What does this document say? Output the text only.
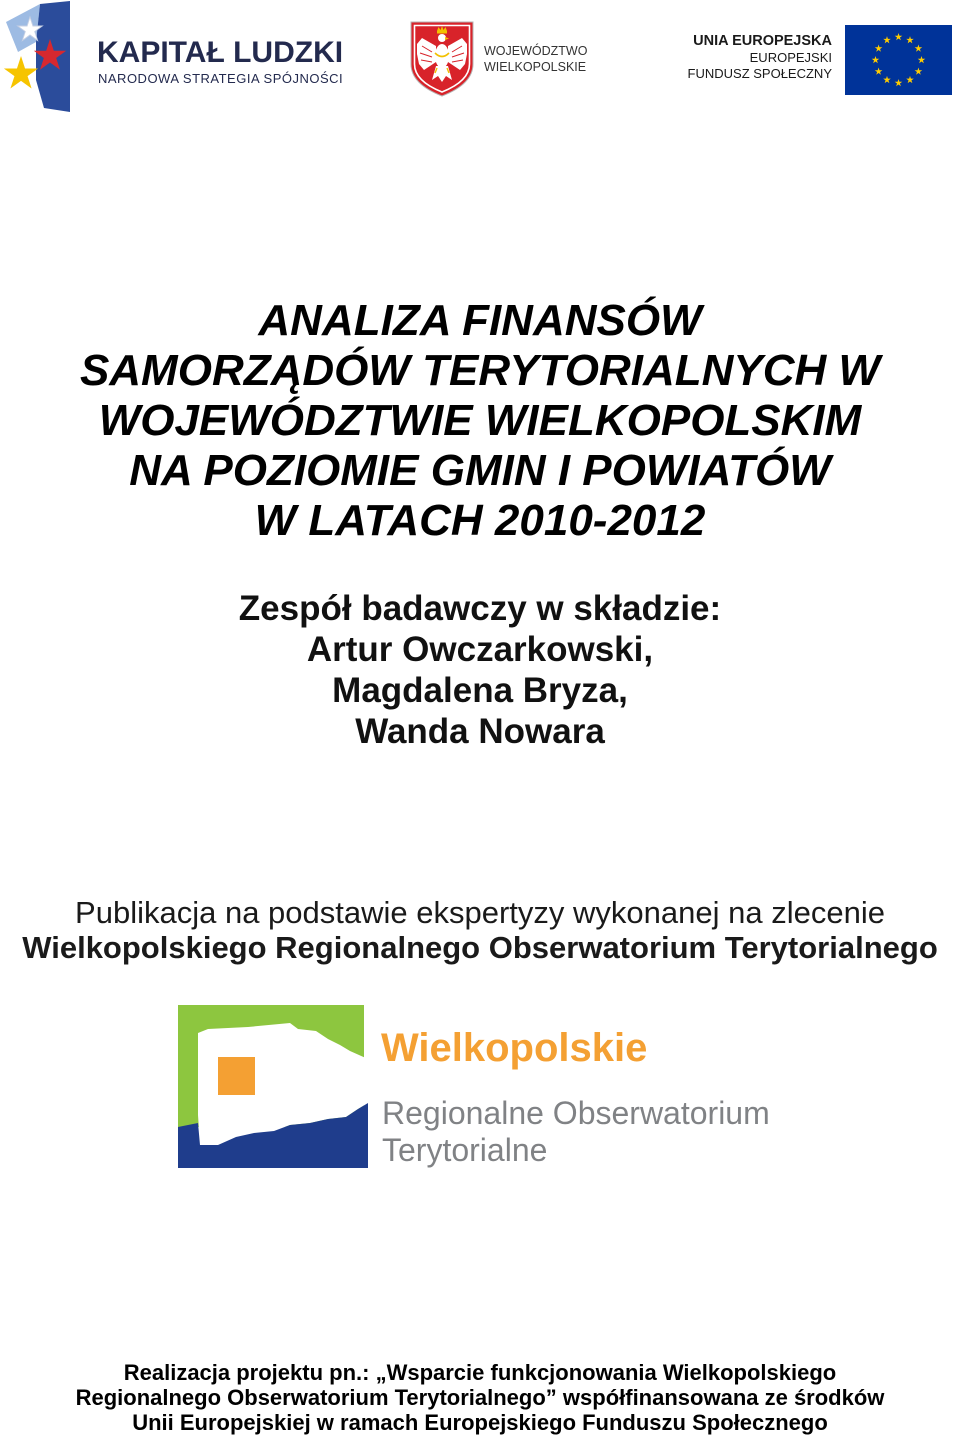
KAPITAŁ LUDZKI
NARODOWA STRATEGIA SPÓJNOŚCI
WOJEWÓDZTWO
WIELKOPOLSKIE
UNIA EUROPEJSKA
EUROPEJSKI
FUNDUSZ SPOŁECZNY
ANALIZA FINANSÓW
SAMORZĄDÓW TERYTORIALNYCH W
WOJEWÓDZTWIE WIELKOPOLSKIM
NA POZIOMIE GMIN I POWIATÓW
W LATACH 2010-2012
Zespół badawczy w składzie:
Artur Owczarkowski,
Magdalena Bryza,
Wanda Nowara
Publikacja na podstawie ekspertyzy wykonanej na zlecenie
Wielkopolskiego Regionalnego Obserwatorium Terytorialnego
Wielkopolskie
Regionalne Obserwatorium
Terytorialne
Realizacja projektu pn.: „Wsparcie funkcjonowania Wielkopolskiego
Regionalnego Obserwatorium Terytorialnego” współfinansowana ze środków
Unii Europejskiej w ramach Europejskiego Funduszu Społecznego
